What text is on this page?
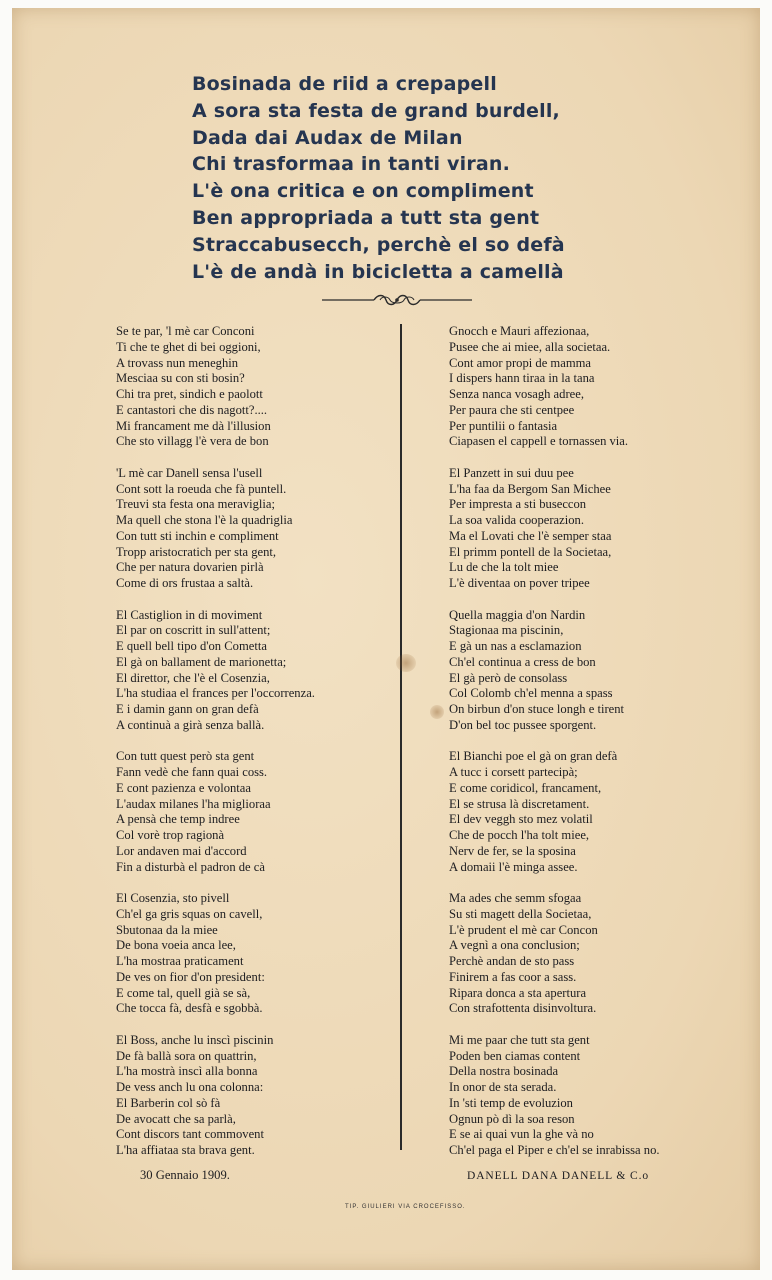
Bosinada de riid a crepapell
A sora sta festa de grand burdell,
Dada dai Audax de Milan
Chi trasformaa in tanti viran.
L'è ona critica e on compliment
Ben appropriada a tutt sta gent
Straccabusecch, perchè el so defà
L'è de andà in bicicletta a camellà
Se te par, 'l mè car Conconi
Ti che te ghet di bei oggioni,
A trovass nun meneghin
Mesciaa su con sti bosin?
Chi tra pret, sindich e paolott
E cantastori che dis nagott?....
Mi francament me dà l'illusion
Che sto villagg l'è vera de bon
'L mè car Danell sensa l'usell
Cont sott la roeuda che fà puntell.
Treuvi sta festa ona meraviglia;
Ma quell che stona l'è la quadriglia
Con tutt sti inchin e compliment
Tropp aristocratich per sta gent,
Che per natura dovarien pirlà
Come di ors frustaa a saltà.
El Castiglion in di moviment
El par on coscritt in sull'attent;
E quell bell tipo d'on Cometta
El gà on ballament de marionetta;
El direttor, che l'è el Cosenzia,
L'ha studiaa el frances per l'occorrenza.
E i damin gann on gran defà
A continuà a girà senza ballà.
Con tutt quest però sta gent
Fann vedè che fann quai coss.
E cont pazienza e volontaa
L'audax milanes l'ha miglioraa
A pensà che temp indree
Col vorè trop ragionà
Lor andaven mai d'accord
Fin a disturbà el padron de cà
El Cosenzia, sto pivell
Ch'el ga gris squas on cavell,
Sbutonaa da la miee
De bona voeia anca lee,
L'ha mostraa praticament
De ves on fior d'on president:
E come tal, quell già se sà,
Che tocca fà, desfà e sgobbà.
El Boss, anche lu inscì piscinin
De fà ballà sora on quattrin,
L'ha mostrà inscì alla bonna
De vess anch lu ona colonna:
El Barberin col sò fà
De avocatt che sa parlà,
Cont discors tant commovent
L'ha affiataa sta brava gent.
Gnocch e Mauri affezionaa,
Pusee che ai miee, alla societaa.
Cont amor propi de mamma
I dispers hann tiraa in la tana
Senza nanca vosagh adree,
Per paura che sti centpee
Per puntilii o fantasia
Ciapasen el cappell e tornassen via.
El Panzett in sui duu pee
L'ha faa da Bergom San Michee
Per impresta a sti buseccon
La soa valida cooperazion.
Ma el Lovati che l'è semper staa
El primm pontell de la Societaa,
Lu de che la tolt miee
L'è diventaa on pover tripee
Quella maggia d'on Nardin
Stagionaa ma piscinin,
E gà un nas a esclamazion
Ch'el continua a cress de bon
El gà però de consolass
Col Colomb ch'el menna a spass
On birbun d'on stuce longh e tirent
D'on bel toc pussee sporgent.
El Bianchi poe el gà on gran defà
A tucc i corsett partecipà;
E come coridicol, francament,
El se strusa là discretament.
El dev veggh sto mez volatil
Che de pocch l'ha tolt miee,
Nerv de fer, se la sposina
A domaii l'è minga assee.
Ma ades che semm sfogaa
Su sti magett della Societaa,
L'è prudent el mè car Concon
A vegnì a ona conclusion;
Perchè andan de sto pass
Finirem a fas coor a sass.
Ripara donca a sta apertura
Con strafottenta disinvoltura.
Mi me paar che tutt sta gent
Poden ben ciamas content
Della nostra bosinada
In onor de sta serada.
In 'sti temp de evoluzion
Ognun pò dì la soa reson
E se ai quai vun la ghe và no
Ch'el paga el Piper e ch'el se inrabissa no.
30 Gennaio 1909.	DANELL DANA DANELL & C.o
TIP. GIULIERI VIA CROCEFISSO.
